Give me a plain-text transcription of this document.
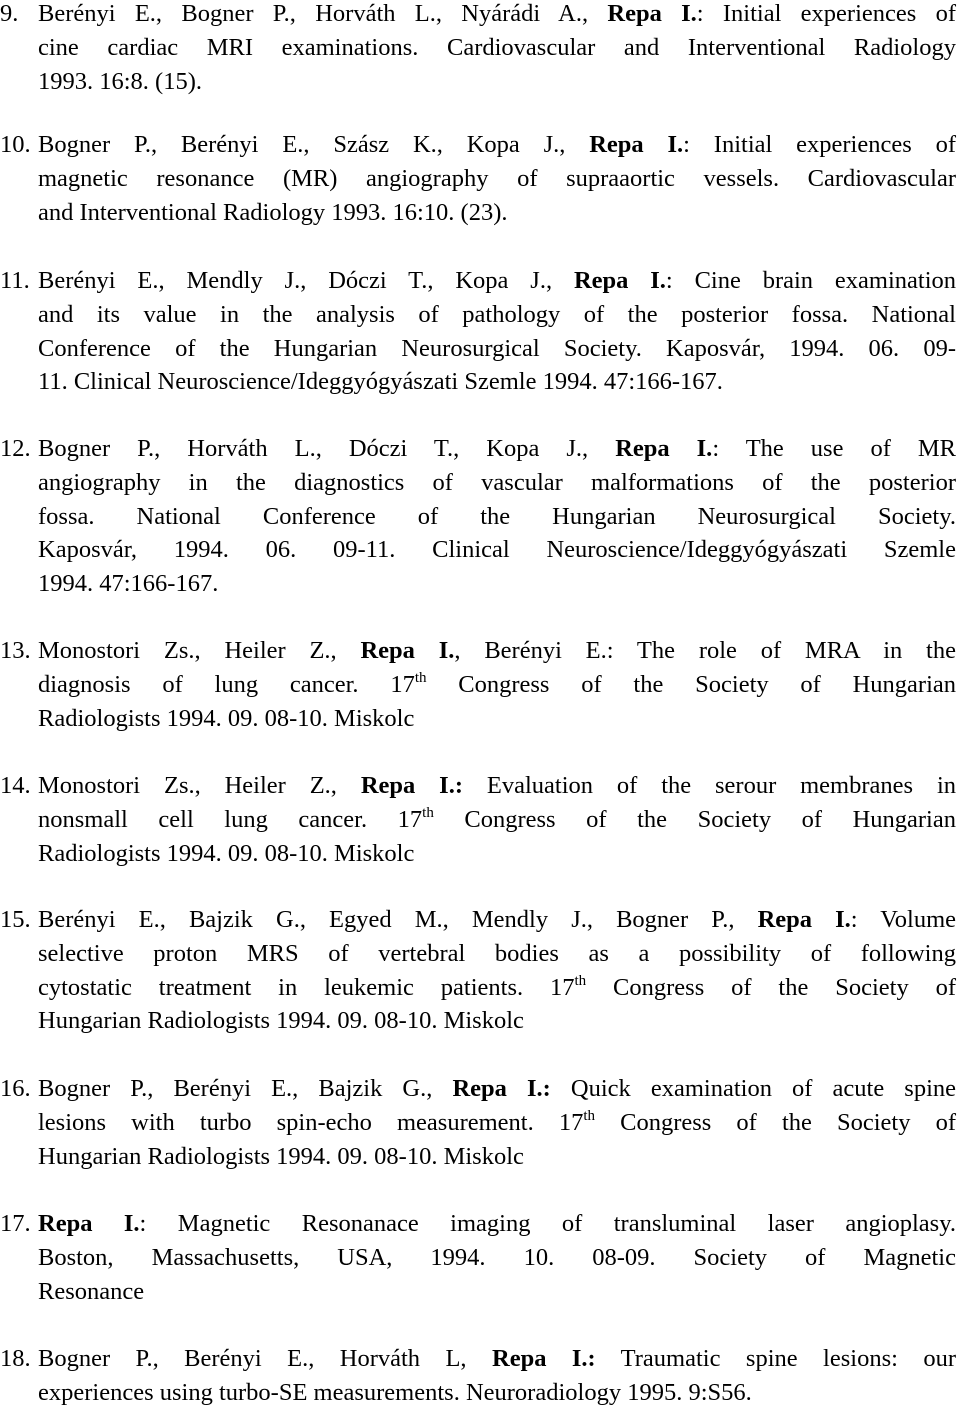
9. Berényi E., Bogner P., Horváth L., Nyárádi A., Repa I.: Initial experiences of
cine cardiac MRI examinations. Cardiovascular and Interventional Radiology
1993. 16:8. (15).
10. Bogner P., Berényi E., Szász K., Kopa J., Repa I.: Initial experiences of
magnetic resonance (MR) angiography of supraaortic vessels. Cardiovascular
and Interventional Radiology 1993. 16:10. (23).
11. Berényi E., Mendly J., Dóczi T., Kopa J., Repa I.: Cine brain examination
and its value in the analysis of pathology of the posterior fossa. National
Conference of the Hungarian Neurosurgical Society. Kaposvár, 1994. 06. 09-
11. Clinical Neuroscience/Ideggyógyászati Szemle 1994. 47:166-167.
12. Bogner P., Horváth L., Dóczi T., Kopa J., Repa I.: The use of MR
angiography in the diagnostics of vascular malformations of the posterior
fossa. National Conference of the Hungarian Neurosurgical Society.
Kaposvár, 1994. 06. 09-11. Clinical Neuroscience/Ideggyógyászati Szemle
1994. 47:166-167.
13. Monostori Zs., Heiler Z., Repa I., Berényi E.: The role of MRA in the
diagnosis of lung cancer. 17th Congress of the Society of Hungarian
Radiologists 1994. 09. 08-10. Miskolc
14. Monostori Zs., Heiler Z., Repa I.: Evaluation of the serour membranes in
nonsmall cell lung cancer. 17th Congress of the Society of Hungarian
Radiologists 1994. 09. 08-10. Miskolc
15. Berényi E., Bajzik G., Egyed M., Mendly J., Bogner P., Repa I.: Volume
selective proton MRS of vertebral bodies as a possibility of following
cytostatic treatment in leukemic patients. 17th Congress of the Society of
Hungarian Radiologists 1994. 09. 08-10. Miskolc
16. Bogner P., Berényi E., Bajzik G., Repa I.: Quick examination of acute spine
lesions with turbo spin-echo measurement. 17th Congress of the Society of
Hungarian Radiologists 1994. 09. 08-10. Miskolc
17. Repa I.: Magnetic Resonanace imaging of transluminal laser angioplasy.
Boston, Massachusetts, USA, 1994. 10. 08-09. Society of Magnetic
Resonance
18. Bogner P., Berényi E., Horváth L, Repa I.: Traumatic spine lesions: our
experiences using turbo-SE measurements. Neuroradiology 1995. 9:S56.
